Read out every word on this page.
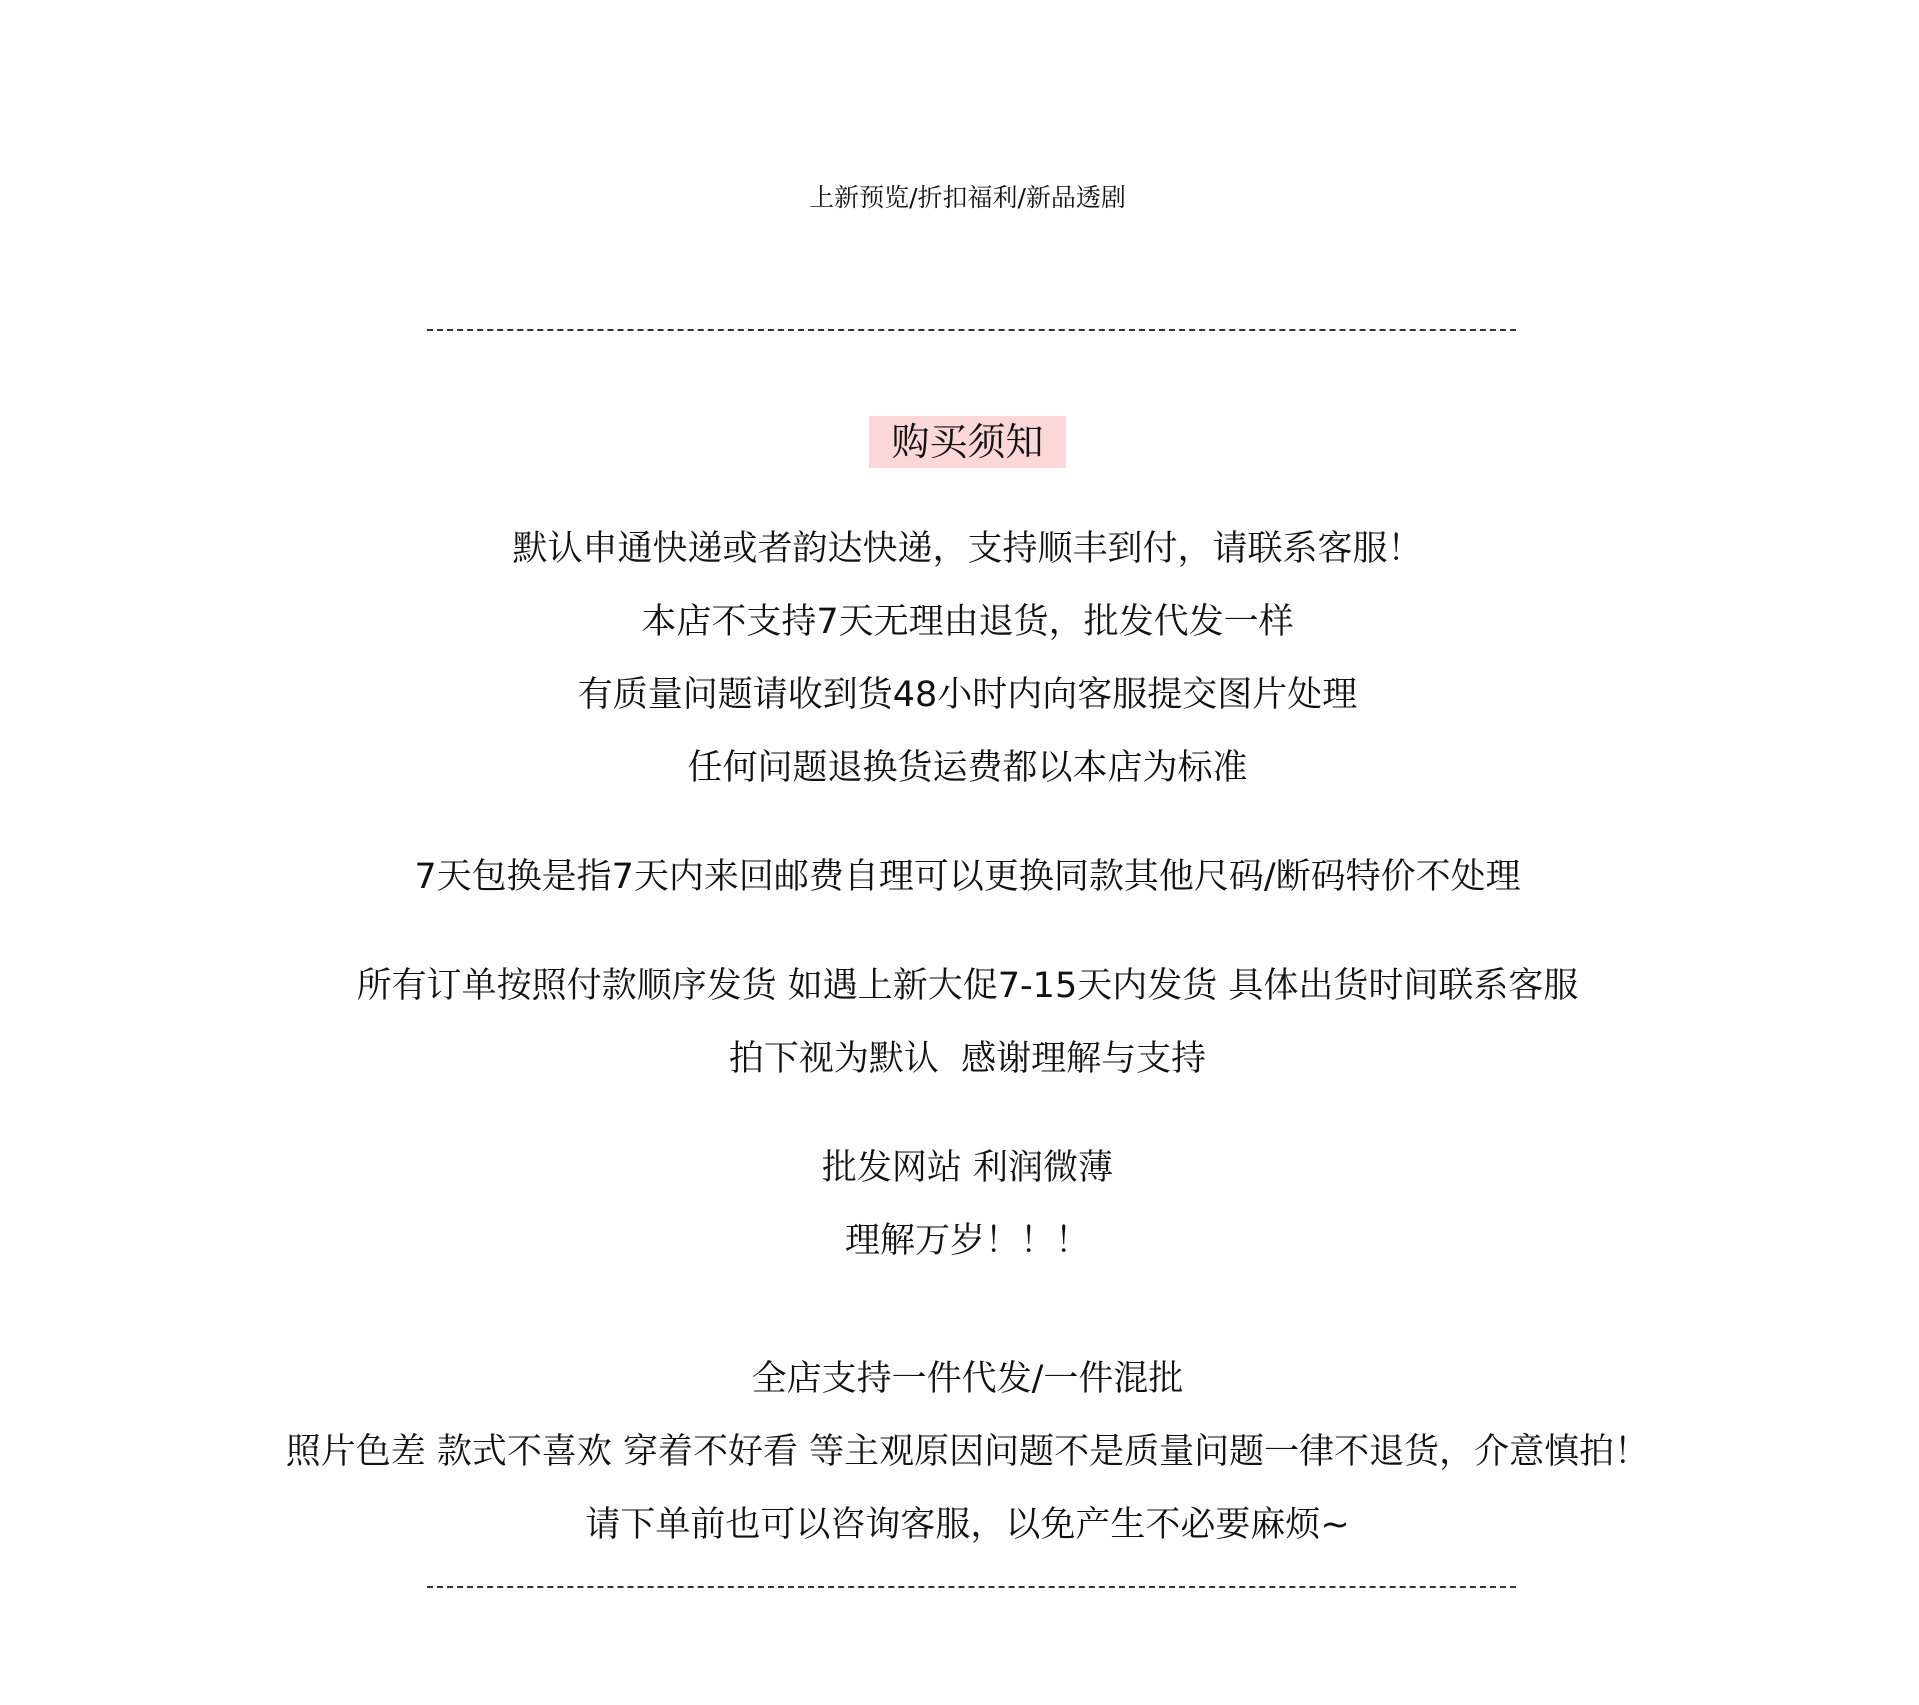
上新预览/折扣福利/新品透剧
购买须知
默认申通快递或者韵达快递，支持顺丰到付，请联系客服！
本店不支持7天无理由退货，批发代发一样
有质量问题请收到货48小时内向客服提交图片处理
任何问题退换货运费都以本店为标准
7天包换是指7天内来回邮费自理可以更换同款其他尺码/断码特价不处理
所有订单按照付款顺序发货 如遇上新大促7-15天内发货 具体出货时间联系客服
拍下视为默认  感谢理解与支持
批发网站 利润微薄
理解万岁！！！
全店支持一件代发/一件混批
照片色差 款式不喜欢 穿着不好看 等主观原因问题不是质量问题一律不退货，介意慎拍！
请下单前也可以咨询客服，以免产生不必要麻烦~
